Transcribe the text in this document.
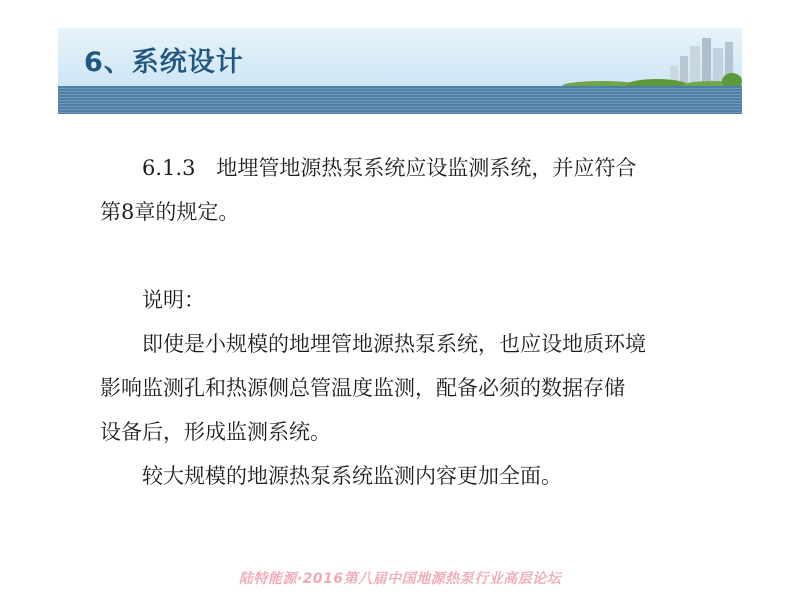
6、系统设计

6.1.3　地埋管地源热泵系统应设监测系统，并应符合

第8章的规定。

说明：

即使是小规模的地埋管地源热泵系统，也应设地质环境

影响监测孔和热源侧总管温度监测，配备必须的数据存储

设备后，形成监测系统。

较大规模的地源热泵系统监测内容更加全面。

陆特能源·2016第八届中国地源热泵行业高层论坛
